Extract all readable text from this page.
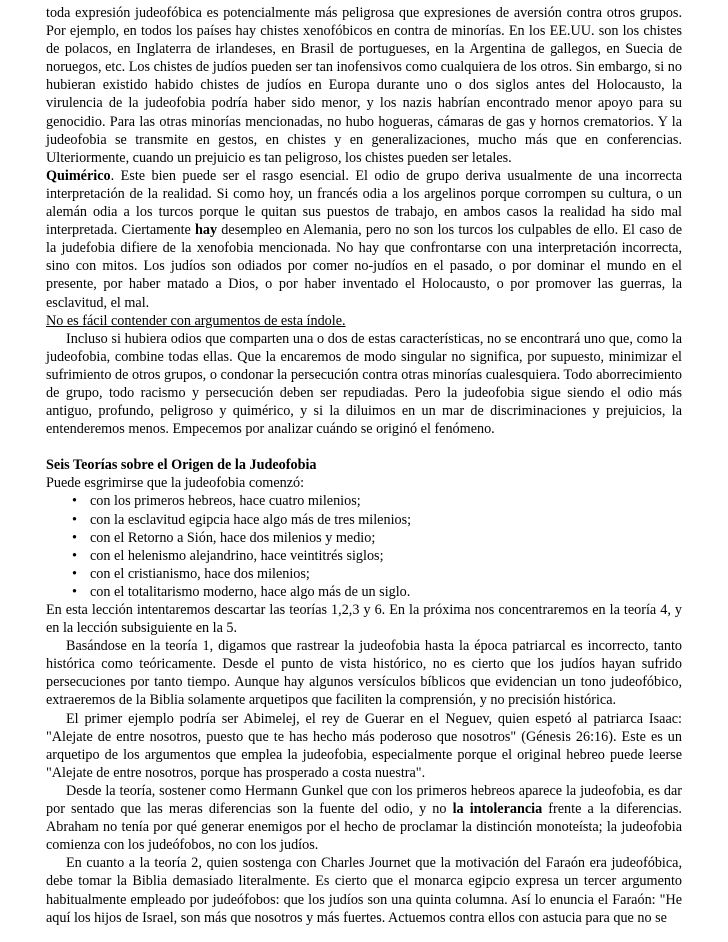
toda expresión judeofóbica es potencialmente más peligrosa que expresiones de aversión contra otros grupos. Por ejemplo, en todos los países hay chistes xenofóbicos en contra de minorías. En los EE.UU. son los chistes de polacos, en Inglaterra de irlandeses, en Brasil de portugueses, en la Argentina de gallegos, en Suecia de noruegos, etc. Los chistes de judíos pueden ser tan inofensivos como cualquiera de los otros. Sin embargo, si no hubieran existido habido chistes de judíos en Europa durante uno o dos siglos antes del Holocausto, la virulencia de la judeofobia podría haber sido menor, y los nazis habrían encontrado menor apoyo para su genocidio. Para las otras minorías mencionadas, no hubo hogueras, cámaras de gas y hornos crematorios. Y la judeofobia se transmite en gestos, en chistes y en generalizaciones, mucho más que en conferencias. Ulteriormente, cuando un prejuicio es tan peligroso, los chistes pueden ser letales.

Quimérico. Este bien puede ser el rasgo esencial. El odio de grupo deriva usualmente de una incorrecta interpretación de la realidad. Si como hoy, un francés odia a los argelinos porque corrompen su cultura, o un alemán odia a los turcos porque le quitan sus puestos de trabajo, en ambos casos la realidad ha sido mal interpretada. Ciertamente hay desempleo en Alemania, pero no son los turcos los culpables de ello. El caso de la judefobia difiere de la xenofobia mencionada. No hay que confrontarse con una interpretación incorrecta, sino con mitos. Los judíos son odiados por comer no-judíos en el pasado, o por dominar el mundo en el presente, por haber matado a Dios, o por haber inventado el Holocausto, o por promover las guerras, la esclavitud, el mal.

No es fácil contender con argumentos de esta índole.

Incluso si hubiera odios que comparten una o dos de estas características, no se encontrará uno que, como la judeofobia, combine todas ellas. Que la encaremos de modo singular no significa, por supuesto, minimizar el sufrimiento de otros grupos, o condonar la persecución contra otras minorías cualesquiera. Todo aborrecimiento de grupo, todo racismo y persecución deben ser repudiadas. Pero la judeofobia sigue siendo el odio más antiguo, profundo, peligroso y quimérico, y si la diluimos en un mar de discriminaciones y prejuicios, la entenderemos menos. Empecemos por analizar cuándo se originó el fenómeno.

Seis Teorías sobre el Origen de la Judeofobia

Puede esgrimirse que la judeofobia comenzó:

• con los primeros hebreos, hace cuatro milenios;
• con la esclavitud egipcia hace algo más de tres milenios;
• con el Retorno a Sión, hace dos milenios y medio;
• con el helenismo alejandrino, hace veintitrés siglos;
• con el cristianismo, hace dos milenios;
• con el totalitarismo moderno, hace algo más de un siglo.

En esta lección intentaremos descartar las teorías 1,2,3 y 6. En la próxima nos concentraremos en la teoría 4, y en la lección subsiguiente en la 5.

Basándose en la teoría 1, digamos que rastrear la judeofobia hasta la época patriarcal es incorrecto, tanto histórica como teóricamente. Desde el punto de vista histórico, no es cierto que los judíos hayan sufrido persecuciones por tanto tiempo. Aunque hay algunos versículos bíblicos que evidencian un tono judeofóbico, extraeremos de la Biblia solamente arquetipos que faciliten la comprensión, y no precisión histórica.

El primer ejemplo podría ser Abimelej, el rey de Guerar en el Neguev, quien espetó al patriarca Isaac: "Alejate de entre nosotros, puesto que te has hecho más poderoso que nosotros" (Génesis 26:16). Este es un arquetipo de los argumentos que emplea la judeofobia, especialmente porque el original hebreo puede leerse "Alejate de entre nosotros, porque has prosperado a costa nuestra".

Desde la teoría, sostener como Hermann Gunkel que con los primeros hebreos aparece la judeofobia, es dar por sentado que las meras diferencias son la fuente del odio, y no la intolerancia frente a la diferencias. Abraham no tenía por qué generar enemigos por el hecho de proclamar la distinción monoteísta; la judeofobia comienza con los judeófobos, no con los judíos.

En cuanto a la teoría 2, quien sostenga con Charles Journet que la motivación del Faraón era judeofóbica, debe tomar la Biblia demasiado literalmente. Es cierto que el monarca egipcio expresa un tercer argumento habitualmente empleado por judeófobos: que los judíos son una quinta columna. Así lo enuncia el Faraón: "He aquí los hijos de Israel, son más que nosotros y más fuertes. Actuemos contra ellos con astucia para que no se
